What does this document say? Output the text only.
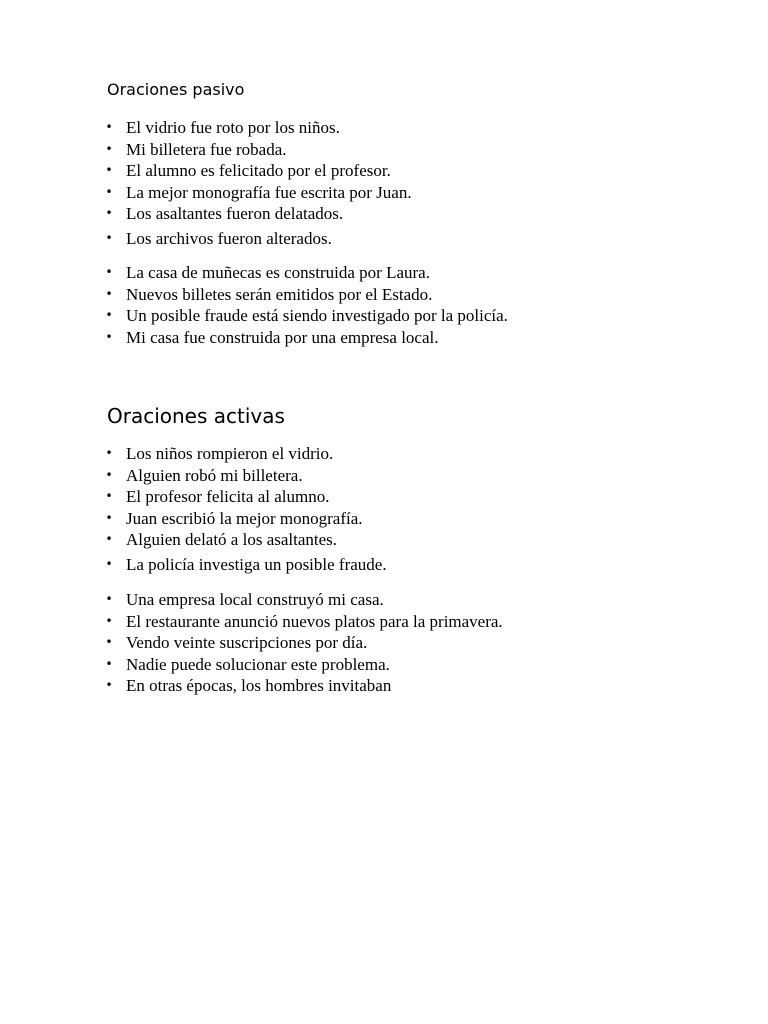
Oraciones pasivo
• El vidrio fue roto por los niños.
• Mi billetera fue robada.
• El alumno es felicitado por el profesor.
• La mejor monografía fue escrita por Juan.
• Los asaltantes fueron delatados.
• Los archivos fueron alterados.
• La casa de muñecas es construida por Laura.
• Nuevos billetes serán emitidos por el Estado.
• Un posible fraude está siendo investigado por la policía.
• Mi casa fue construida por una empresa local.
Oraciones activas
• Los niños rompieron el vidrio.
• Alguien robó mi billetera.
• El profesor felicita al alumno.
• Juan escribió la mejor monografía.
• Alguien delató a los asaltantes.
• La policía investiga un posible fraude.
• Una empresa local construyó mi casa.
• El restaurante anunció nuevos platos para la primavera.
• Vendo veinte suscripciones por día.
• Nadie puede solucionar este problema.
• En otras épocas, los hombres invitaban
